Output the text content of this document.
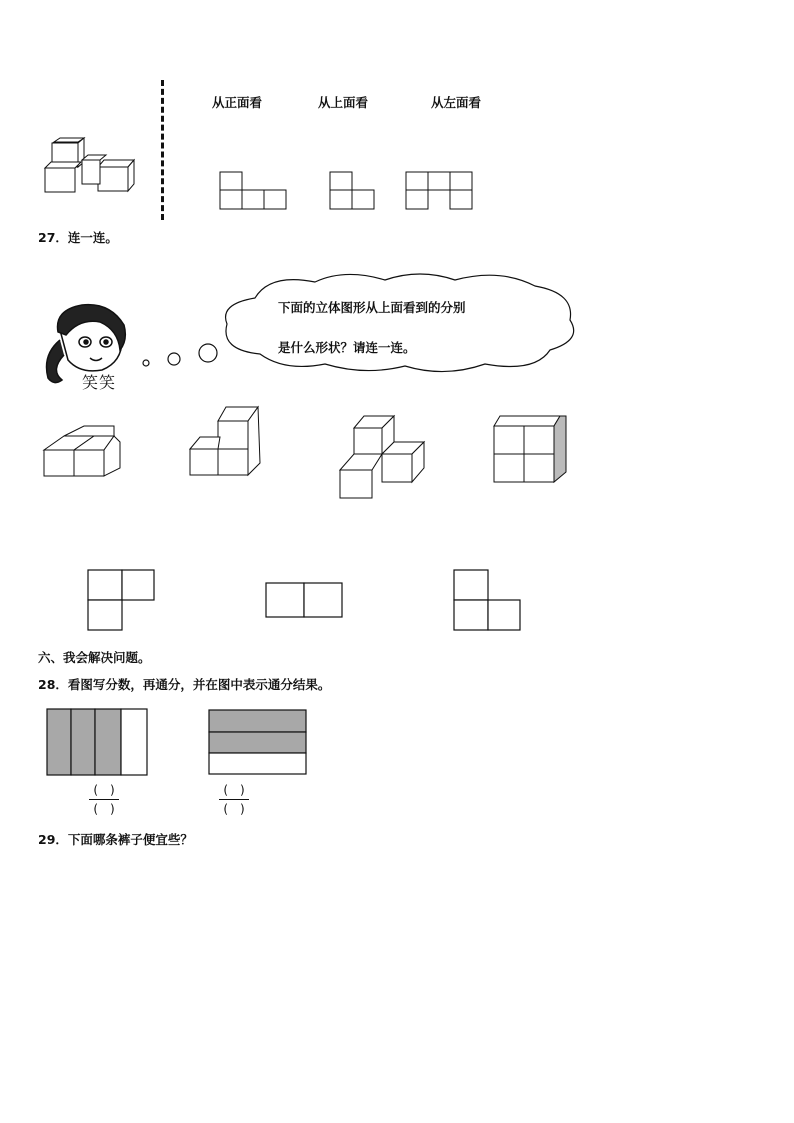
从正面看	从上面看	从左面看
27．连一连。
笑笑
下面的立体图形从上面看到的分别
是什么形状？请连一连。
六、我会解决问题。
28．看图写分数，再通分，并在图中表示通分结果。
(　)
(　)
(　)
(　)
29．下面哪条裤子便宜些？
